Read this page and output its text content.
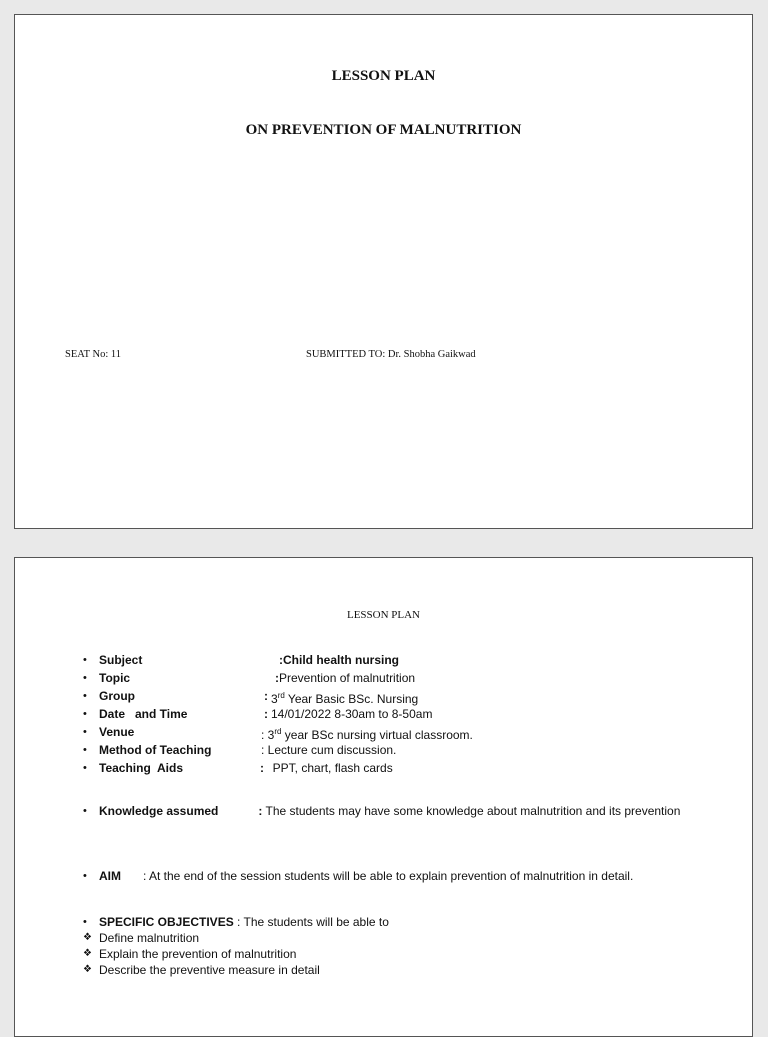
LESSON PLAN
ON PREVENTION OF MALNUTRITION
SEAT No: 11	SUBMITTED TO: Dr. Shobha Gaikwad
LESSON PLAN
• Subject	:Child health nursing
• Topic	: Prevention of malnutrition
• Group	: 3rd Year Basic BSc. Nursing
• Date   and Time	: 14/01/2022 8-30am to 8-50am
• Venue	: 3rd year BSc nursing virtual classroom.
• Method of Teaching	: Lecture cum discussion.
• Teaching  Aids	: PPT, chart, flash cards
•	Knowledge assumed	: The students may have some knowledge about malnutrition and its prevention
• AIM : At the end of the session students will be able to explain prevention of malnutrition in detail.
• SPECIFIC OBJECTIVES : The students will be able to
❖ Define malnutrition
❖ Explain the prevention of malnutrition
❖ Describe the preventive measure in detail
